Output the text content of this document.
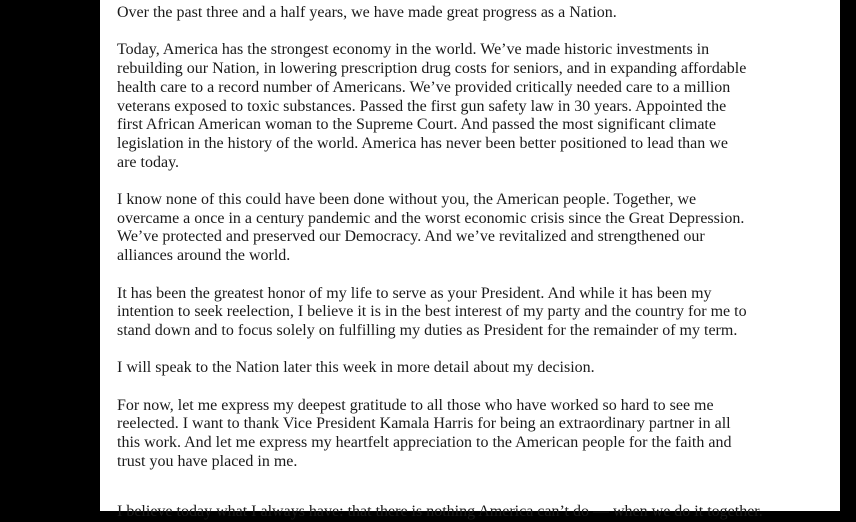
Over the past three and a half years, we have made great progress as a Nation.

Today, America has the strongest economy in the world. We’ve made historic investments in rebuilding our Nation, in lowering prescription drug costs for seniors, and in expanding affordable health care to a record number of Americans. We’ve provided critically needed care to a million veterans exposed to toxic substances. Passed the first gun safety law in 30 years. Appointed the first African American woman to the Supreme Court. And passed the most significant climate legislation in the history of the world. America has never been better positioned to lead than we are today.

I know none of this could have been done without you, the American people. Together, we overcame a once in a century pandemic and the worst economic crisis since the Great Depression. We’ve protected and preserved our Democracy. And we’ve revitalized and strengthened our alliances around the world.

It has been the greatest honor of my life to serve as your President. And while it has been my intention to seek reelection, I believe it is in the best interest of my party and the country for me to stand down and to focus solely on fulfilling my duties as President for the remainder of my term.

I will speak to the Nation later this week in more detail about my decision.

For now, let me express my deepest gratitude to all those who have worked so hard to see me reelected. I want to thank Vice President Kamala Harris for being an extraordinary partner in all this work. And let me express my heartfelt appreciation to the American people for the faith and trust you have placed in me.

I believe today what I always have: that there is nothing America can’t do — when we do it together.
